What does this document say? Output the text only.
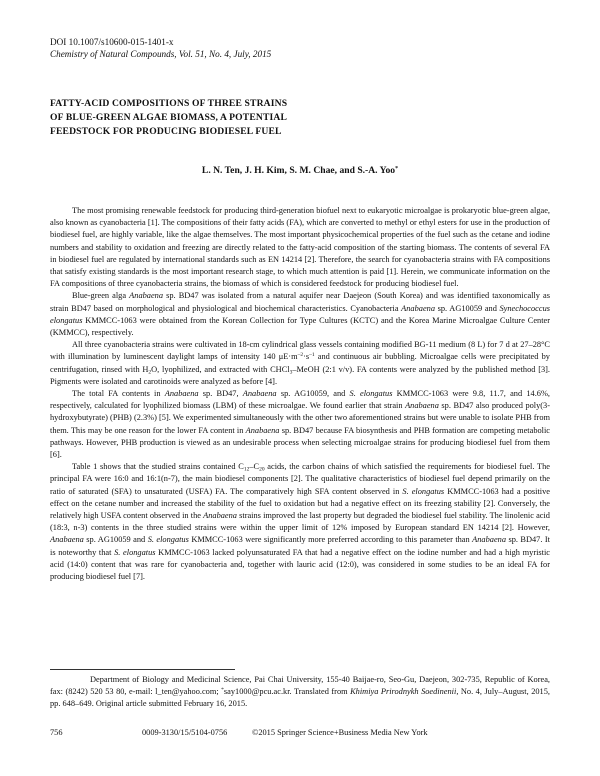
DOI 10.1007/s10600-015-1401-x
Chemistry of Natural Compounds, Vol. 51, No. 4, July, 2015
FATTY-ACID COMPOSITIONS OF THREE STRAINS
OF BLUE-GREEN ALGAE BIOMASS, A POTENTIAL
FEEDSTOCK FOR PRODUCING BIODIESEL FUEL
L. N. Ten, J. H. Kim, S. M. Chae, and S.-A. Yoo*

The most promising renewable feedstock for producing third-generation biofuel next to eukaryotic microalgae is prokaryotic blue-green algae, also known as cyanobacteria [1]. The compositions of their fatty acids (FA), which are converted to methyl or ethyl esters for use in the production of biodiesel fuel, are highly variable, like the algae themselves. The most important physicochemical properties of the fuel such as the cetane and iodine numbers and stability to oxidation and freezing are directly related to the fatty-acid composition of the starting biomass. The contents of several FA in biodiesel fuel are regulated by international standards such as EN 14214 [2]. Therefore, the search for cyanobacteria strains with FA compositions that satisfy existing standards is the most important research stage, to which much attention is paid [1]. Herein, we communicate information on the FA compositions of three cyanobacteria strains, the biomass of which is considered feedstock for producing biodiesel fuel.

Blue-green alga Anabaena sp. BD47 was isolated from a natural aquifer near Daejeon (South Korea) and was identified taxonomically as strain BD47 based on morphological and physiological and biochemical characteristics. Cyanobacteria Anabaena sp. AG10059 and Synechococcus elongatus KMMCC-1063 were obtained from the Korean Collection for Type Cultures (KCTC) and the Korea Marine Microalgae Culture Center (KMMCC), respectively.

All three cyanobacteria strains were cultivated in 18-cm cylindrical glass vessels containing modified BG-11 medium (8 L) for 7 d at 27–28°C with illumination by luminescent daylight lamps of intensity 140 $\mu E\cdot m^{-2}\cdot s^{-1}$ and continuous air bubbling. Microalgae cells were precipitated by centrifugation, rinsed with $H_2O$, lyophilized, and extracted with CHCl$_3$–MeOH (2:1 v/v). FA contents were analyzed by the published method [3]. Pigments were isolated and carotinoids were analyzed as before [4].

The total FA contents in Anabaena sp. BD47, Anabaena sp. AG10059, and S. elongatus KMMCC-1063 were 9.8, 11.7, and 14.6%, respectively, calculated for lyophilized biomass (LBM) of these microalgae. We found earlier that strain Anabaena sp. BD47 also produced poly(3-hydroxybutyrate) (PHB) (2.3%) [5]. We experimented simultaneously with the other two aforementioned strains but were unable to isolate PHB from them. This may be one reason for the lower FA content in Anabaena sp. BD47 because FA biosynthesis and PHB formation are competing metabolic pathways. However, PHB production is viewed as an undesirable process when selecting microalgae strains for producing biodiesel fuel from them [6].

Table 1 shows that the studied strains contained $C_{12}-C_{20}$ acids, the carbon chains of which satisfied the requirements for biodiesel fuel. The principal FA were 16:0 and 16:1(n-7), the main biodiesel components [2]. The qualitative characteristics of biodiesel fuel depend primarily on the ratio of saturated (SFA) to unsaturated (USFA) FA. The comparatively high SFA content observed in S. elongatus KMMCC-1063 had a positive effect on the cetane number and increased the stability of the fuel to oxidation but had a negative effect on its freezing stability [2]. Conversely, the relatively high USFA content observed in the Anabaena strains improved the last property but degraded the biodiesel fuel stability. The linolenic acid (18:3, n-3) contents in the three studied strains were within the upper limit of 12% imposed by European standard EN 14214 [2]. However, Anabaena sp. AG10059 and S. elongatus KMMCC-1063 were significantly more preferred according to this parameter than Anabaena sp. BD47. It is noteworthy that S. elongatus KMMCC-1063 lacked polyunsaturated FA that had a negative effect on the iodine number and had a high myristic acid (14:0) content that was rare for cyanobacteria and, together with lauric acid (12:0), was considered in some studies to be an ideal FA for producing biodiesel fuel [7].

Department of Biology and Medicinal Science, Pai Chai University, 155-40 Baijae-ro, Seo-Gu, Daejeon, 302-735, Republic of Korea, fax: (8242) 520 53 80, e-mail: l_ten@yahoo.com; *say1000@pcu.ac.kr. Translated from Khimiya Prirodnykh Soedinenii, No. 4, July–August, 2015, pp. 648–649. Original article submitted February 16, 2015.

756	0009-3130/15/5104-0756	©2015 Springer Science+Business Media New York
